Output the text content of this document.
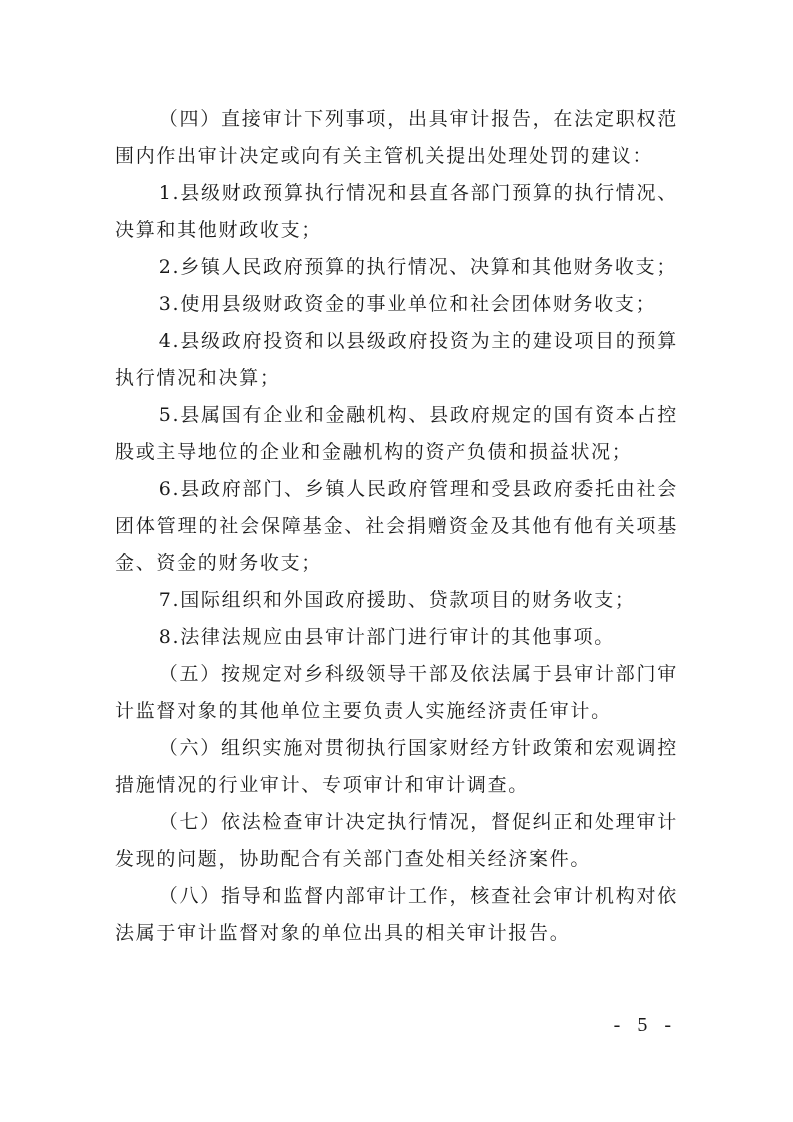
（四）直接审计下列事项，出具审计报告，在法定职权范围内作出审计决定或向有关主管机关提出处理处罚的建议：

1.县级财政预算执行情况和县直各部门预算的执行情况、决算和其他财政收支；

2.乡镇人民政府预算的执行情况、决算和其他财务收支；

3.使用县级财政资金的事业单位和社会团体财务收支；

4.县级政府投资和以县级政府投资为主的建设项目的预算执行情况和决算；

5.县属国有企业和金融机构、县政府规定的国有资本占控股或主导地位的企业和金融机构的资产负债和损益状况；

6.县政府部门、乡镇人民政府管理和受县政府委托由社会团体管理的社会保障基金、社会捐赠资金及其他有他有关项基金、资金的财务收支；

7.国际组织和外国政府援助、贷款项目的财务收支；

8.法律法规应由县审计部门进行审计的其他事项。

（五）按规定对乡科级领导干部及依法属于县审计部门审计监督对象的其他单位主要负责人实施经济责任审计。

（六）组织实施对贯彻执行国家财经方针政策和宏观调控措施情况的行业审计、专项审计和审计调查。

（七）依法检查审计决定执行情况，督促纠正和处理审计发现的问题，协助配合有关部门查处相关经济案件。

（八）指导和监督内部审计工作，核查社会审计机构对依法属于审计监督对象的单位出具的相关审计报告。

- 5 -
